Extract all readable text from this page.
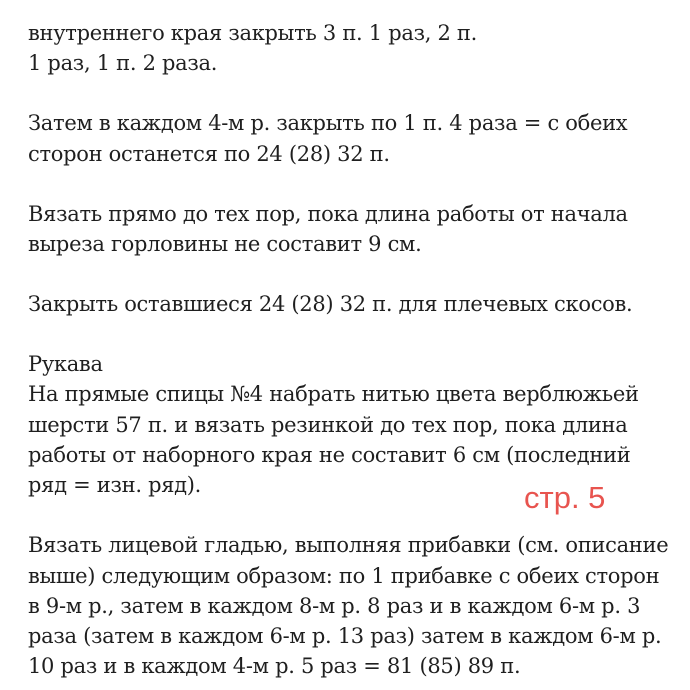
внутреннего края закрыть 3 п. 1 раз, 2 п.
1 раз, 1 п. 2 раза.
Затем в каждом 4-м р. закрыть по 1 п. 4 раза = с обеих
сторон останется по 24 (28) 32 п.
Вязать прямо до тех пор, пока длина работы от начала
выреза горловины не составит 9 см.
Закрыть оставшиеся 24 (28) 32 п. для плечевых скосов.
Рукава
На прямые спицы №4 набрать нитью цвета верблюжьей
шерсти 57 п. и вязать резинкой до тех пор, пока длина
работы от наборного края не составит 6 см (последний
ряд = изн. ряд).	стр. 5
Вязать лицевой гладью, выполняя прибавки (см. описание
выше) следующим образом: по 1 прибавке с обеих сторон
в 9-м р., затем в каждом 8-м р. 8 раз и в каждом 6-м р. 3
раза (затем в каждом 6-м р. 13 раз) затем в каждом 6-м р.
10 раз и в каждом 4-м р. 5 раз = 81 (85) 89 п.
